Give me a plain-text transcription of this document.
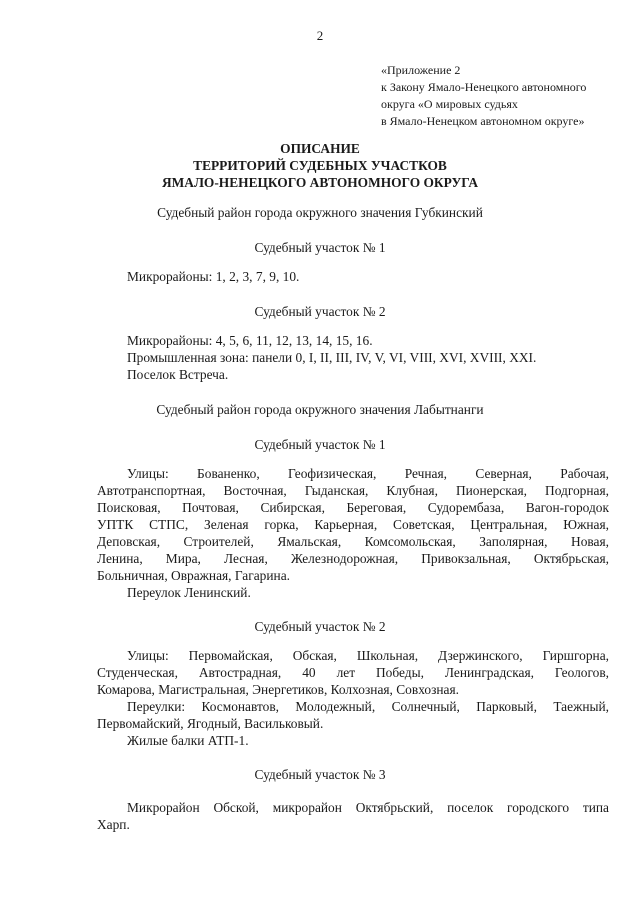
2
«Приложение 2
к Закону Ямало-Ненецкого автономного
округа «О мировых судьях
в Ямало-Ненецком автономном округе»
ОПИСАНИЕ
ТЕРРИТОРИЙ СУДЕБНЫХ УЧАСТКОВ
ЯМАЛО-НЕНЕЦКОГО АВТОНОМНОГО ОКРУГА
Судебный район города окружного значения Губкинский
Судебный участок № 1
Микрорайоны: 1, 2, 3, 7, 9, 10.
Судебный участок № 2
Микрорайоны: 4, 5, 6, 11, 12, 13, 14, 15, 16.
Промышленная зона: панели 0, I, II, III, IV, V, VI, VIII, XVI, XVIII, XXI.
Поселок Встреча.
Судебный район города окружного значения Лабытнанги
Судебный участок № 1
Улицы: Бованенко, Геофизическая, Речная, Северная, Рабочая,
Автотранспортная, Восточная, Гыданская, Клубная, Пионерская, Подгорная,
Поисковая, Почтовая, Сибирская, Береговая, Судорембаза, Вагон-городок
УПТК СТПС, Зеленая горка, Карьерная, Советская, Центральная, Южная,
Деповская, Строителей, Ямальская, Комсомольская, Заполярная, Новая,
Ленина, Мира, Лесная, Железнодорожная, Привокзальная, Октябрьская,
Больничная, Овражная, Гагарина.
Переулок Ленинский.
Судебный участок № 2
Улицы: Первомайская, Обская, Школьная, Дзержинского, Гиршгорна,
Студенческая, Автострадная, 40 лет Победы, Ленинградская, Геологов,
Комарова, Магистральная, Энергетиков, Колхозная, Совхозная.
Переулки: Космонавтов, Молодежный, Солнечный, Парковый, Таежный,
Первомайский, Ягодный, Васильковый.
Жилые балки АТП-1.
Судебный участок № 3
Микрорайон Обской, микрорайон Октябрьский, поселок городского типа
Харп.
